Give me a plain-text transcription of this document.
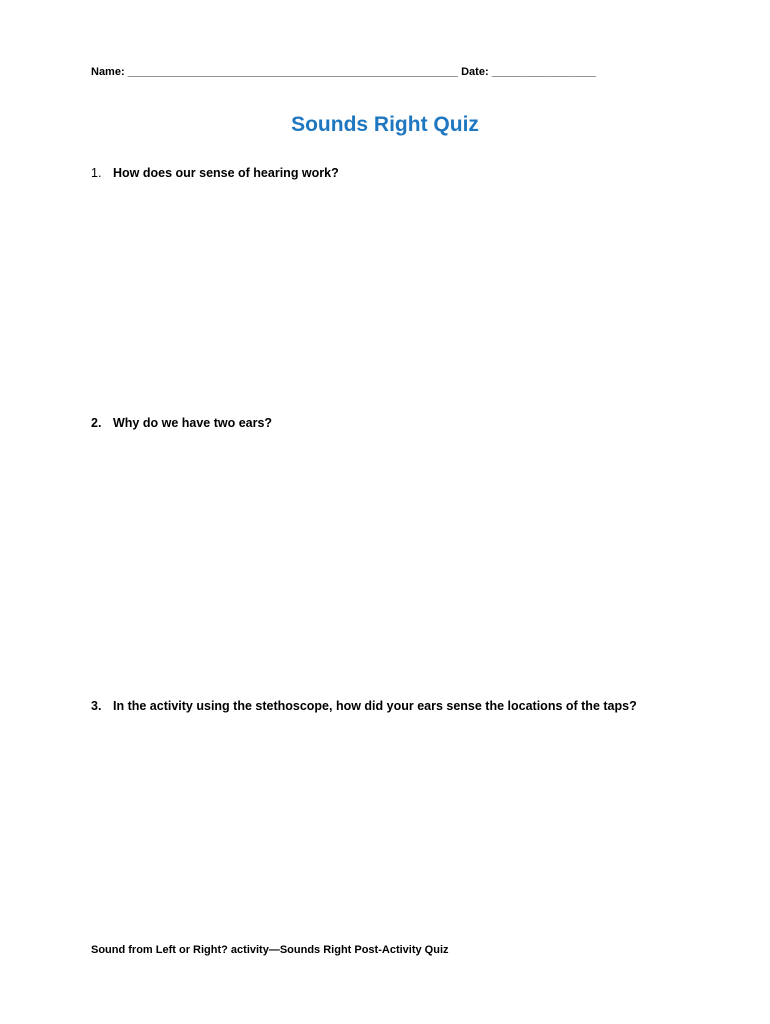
Name: ______________________________________________________ Date: _________________
Sounds Right Quiz
1. How does our sense of hearing work?
2. Why do we have two ears?
3. In the activity using the stethoscope, how did your ears sense the locations of the taps?
Sound from Left or Right? activity—Sounds Right Post-Activity Quiz
